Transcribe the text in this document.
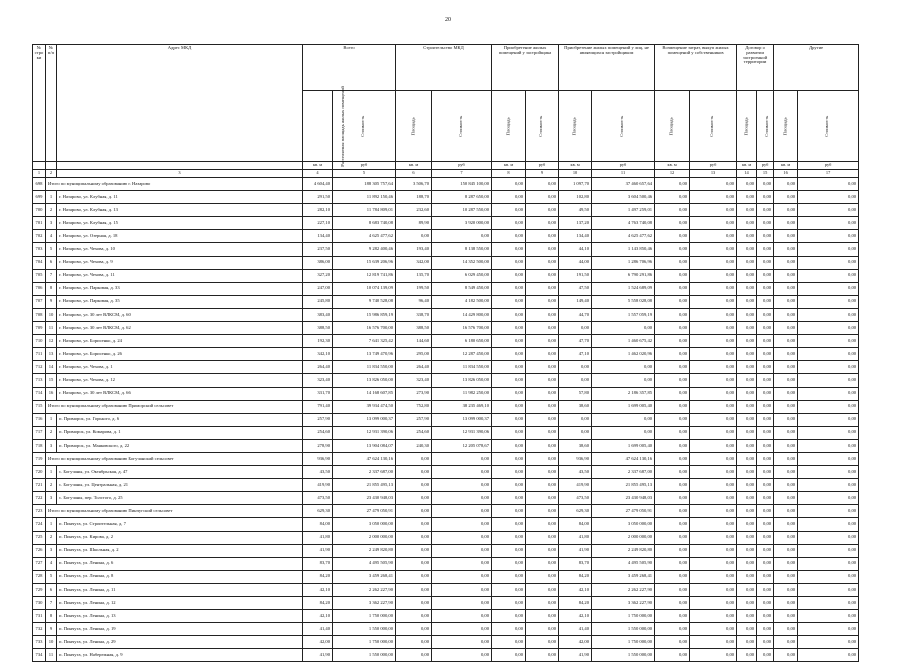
20
№ стро ки	№ п/п	Адрес МКД	Всего		Строительство МКД		Приобретение жилых помещений у застройщика		Приобретение жилых помещений у лиц, не являющихся застройщиком		Возмещение затрат, выкуп жилых помещений у собственников		Договор о развитии застроенной территории		Другие	
			Расселяемая площадь жилых помещений	Стоимость	Площадь	Стоимость	Площадь	Стоимость	Площадь	Стоимость	Площадь	Стоимость	Площадь	Стоимость	Площадь	Стоимость
			кв. м	руб	кв. м	руб	кв. м	руб	кв. м	руб	кв. м	руб	кв. м	руб	кв. м	руб
1	2	3	4	5	6	7	8	9	10	11	12	13	14	15	16	17
698	Итого по муниципальному образованию г. Назарово		4 604,40	188 305 757,64	3 506,70	150 845 100,00	0,00	0,00	1 097,70	37 460 657,64	0,00	0,00	0,00	0,00	0,00	0,00
699	1	г. Назарово, ул. Клубная, д. 11	291,50	11 892 150,46	188,70	8 287 650,00	0,00	0,00	102,80	3 604 500,46	0,00	0,00	0,00	0,00	0,00	0,00
700	2	г. Назарово, ул. Клубная, д. 13	282,10	11 784 809,01	232,60	10 287 550,00	0,00	0,00	49,50	1 497 259,01	0,00	0,00	0,00	0,00	0,00	0,00
701	3	г. Назарово, ул. Клубная, д. 15	227,10	8 683 740,08	89,90	3 920 000,00	0,00	0,00	137,20	4 763 740,08	0,00	0,00	0,00	0,00	0,00	0,00
702	4	г. Назарово, ул. Озерная, д. 18	134,40	4 625 477,62	0,00	0,00	0,00	0,00	134,40	4 625 477,62	0,00	0,00	0,00	0,00	0,00	0,00
703	5	г. Назарово, ул. Чехова, д. 10	237,50	9 282 400,46	193,40	8 138 550,00	0,00	0,00	44,10	1 143 850,46	0,00	0,00	0,00	0,00	0,00	0,00
704	6	г. Назарово, ул. Чехова, д. 9	386,00	15 639 206,96	342,00	14 352 500,00	0,00	0,00	44,00	1 286 706,96	0,00	0,00	0,00	0,00	0,00	0,00
705	7	г. Назарово, ул. Чехова, д. 11	327,20	12 819 741,86	135,70	6 029 450,00	0,00	0,00	191,50	6 790 291,86	0,00	0,00	0,00	0,00	0,00	0,00
706	8	г. Назарово, ул. Парковая, д. 33	247,00	10 074 139,09	199,50	8 549 450,00	0,00	0,00	47,50	1 524 689,09	0,00	0,00	0,00	0,00	0,00	0,00
707	9	г. Назарово, ул. Парковая, д. 35	245,80	9 740 528,08	96,40	4 182 500,00	0,00	0,00	149,40	5 558 028,08	0,00	0,00	0,00	0,00	0,00	0,00
708	10	г. Назарово, ул. 30 лет ВЛКСМ, д. 60	383,40	15 986 859,19	338,70	14 429 800,00	0,00	0,00	44,70	1 557 059,19	0,00	0,00	0,00	0,00	0,00	0,00
709	11	г. Назарово, ул. 30 лет ВЛКСМ, д. 62	388,50	16 576 700,00	388,50	16 576 700,00	0,00	0,00	0,00	0,00	0,00	0,00	0,00	0,00	0,00	0,00
710	12	г. Назарово, ул. Борисенко, д. 24	192,30	7 641 325,42	144,60	6 180 650,00	0,00	0,00	47,70	1 460 675,42	0,00	0,00	0,00	0,00	0,00	0,00
711	13	г. Назарово, ул. Борисенко, д. 26	342,10	13 749 470,96	295,00	12 287 450,00	0,00	0,00	47,10	1 462 020,96	0,00	0,00	0,00	0,00	0,00	0,00
712	14	г. Назарово, ул. Чехова, д. 1	264,40	11 834 550,00	264,40	11 834 550,00	0,00	0,00	0,00	0,00	0,00	0,00	0,00	0,00	0,00	0,00
713	15	г. Назарово, ул. Чехова, д. 12	323,40	13 826 050,00	323,40	13 826 050,00	0,00	0,00	0,00	0,00	0,00	0,00	0,00	0,00	0,00	0,00
714	16	г. Назарово, ул. 30 лет ВЛКСМ, д. 66	331,70	14 168 607,85	273,90	11 982 250,00	0,00	0,00	57,80	2 186 357,85	0,00	0,00	0,00	0,00	0,00	0,00
715	Итого по муниципальному образованию Приморский сельсовет		791,40	39 934 474,50	752,80	38 235 469,10	0,00	0,00	38,60	1 699 005,40	0,00	0,00	0,00	0,00	0,00	0,00
716	1	п. Приморск, ул. Горького, д. 6	257,90	13 099 000,37	257,90	13 099 000,37	0,00	0,00	0,00	0,00	0,00	0,00	0,00	0,00	0,00	0,00
717	2	п. Приморск, ул. Комарова, д. 1	254,60	12 931 390,06	254,60	12 931 390,06	0,00	0,00	0,00	0,00	0,00	0,00	0,00	0,00	0,00	0,00
718	3	п. Приморск, ул. Маяковского, д. 22	278,90	13 904 084,07	240,30	12 205 078,67	0,00	0,00	38,60	1 699 005,40	0,00	0,00	0,00	0,00	0,00	0,00
719	Итого по муниципальному образованию Богучанский сельсовет		936,90	47 624 130,16	0,00	0,00	0,00	0,00	936,90	47 624 130,16	0,00	0,00	0,00	0,00	0,00	0,00
720	1	с. Богучаны, ул. Октябрьская, д. 47	43,50	2 337 687,00	0,00	0,00	0,00	0,00	43,50	2 337 687,00	0,00	0,00	0,00	0,00	0,00	0,00
721	2	с. Богучаны, ул. Центральная, д. 21	419,90	21 855 495,13	0,00	0,00	0,00	0,00	419,90	21 855 495,13	0,00	0,00	0,00	0,00	0,00	0,00
722	3	с. Богучаны, пер. Толстого, д. 25	473,50	23 430 948,03	0,00	0,00	0,00	0,00	473,50	23 430 948,03	0,00	0,00	0,00	0,00	0,00	0,00
723	Итого по муниципальному образованию Пинчугский сельсовет		629,30	27 479 050,91	0,00	0,00	0,00	0,00	629,30	27 479 050,91	0,00	0,00	0,00	0,00	0,00	0,00
724	1	п. Пинчуга, ул. Строительная, д. 7	84,00	3 050 000,00	0,00	0,00	0,00	0,00	84,00	3 050 000,00	0,00	0,00	0,00	0,00	0,00	0,00
725	2	п. Пинчуга, ул. Кирова, д. 2	41,80	2 000 000,00	0,00	0,00	0,00	0,00	41,80	2 000 000,00	0,00	0,00	0,00	0,00	0,00	0,00
726	3	п. Пинчуга, ул. Школьная, д. 2	41,90	2 249 820,80	0,00	0,00	0,00	0,00	41,90	2 249 820,80	0,00	0,00	0,00	0,00	0,00	0,00
727	4	п. Пинчуга, ул. Ленина, д. 6	83,70	4 495 505,90	0,00	0,00	0,00	0,00	83,70	4 495 505,90	0,00	0,00	0,00	0,00	0,00	0,00
728	5	п. Пинчуга, ул. Ленина, д. 8	84,20	3 459 268,41	0,00	0,00	0,00	0,00	84,20	3 459 268,41	0,00	0,00	0,00	0,00	0,00	0,00
729	6	п. Пинчуга, ул. Ленина, д. 11	42,10	2 262 227,90	0,00	0,00	0,00	0,00	42,10	2 262 227,90	0,00	0,00	0,00	0,00	0,00	0,00
730	7	п. Пинчуга, ул. Ленина, д. 12	84,20	3 362 227,90	0,00	0,00	0,00	0,00	84,20	3 362 227,90	0,00	0,00	0,00	0,00	0,00	0,00
731	8	п. Пинчуга, ул. Ленина, д. 13	42,10	1 750 000,00	0,00	0,00	0,00	0,00	42,10	1 750 000,00	0,00	0,00	0,00	0,00	0,00	0,00
732	9	п. Пинчуга, ул. Ленина, д. 19	41,40	1 550 000,00	0,00	0,00	0,00	0,00	41,40	1 550 000,00	0,00	0,00	0,00	0,00	0,00	0,00
733	10	п. Пинчуга, ул. Ленина, д. 29	42,00	1 750 000,00	0,00	0,00	0,00	0,00	42,00	1 750 000,00	0,00	0,00	0,00	0,00	0,00	0,00
734	11	п. Пинчуга, ул. Набережная, д. 9	41,90	1 550 000,00	0,00	0,00	0,00	0,00	41,90	1 550 000,00	0,00	0,00	0,00	0,00	0,00	0,00
